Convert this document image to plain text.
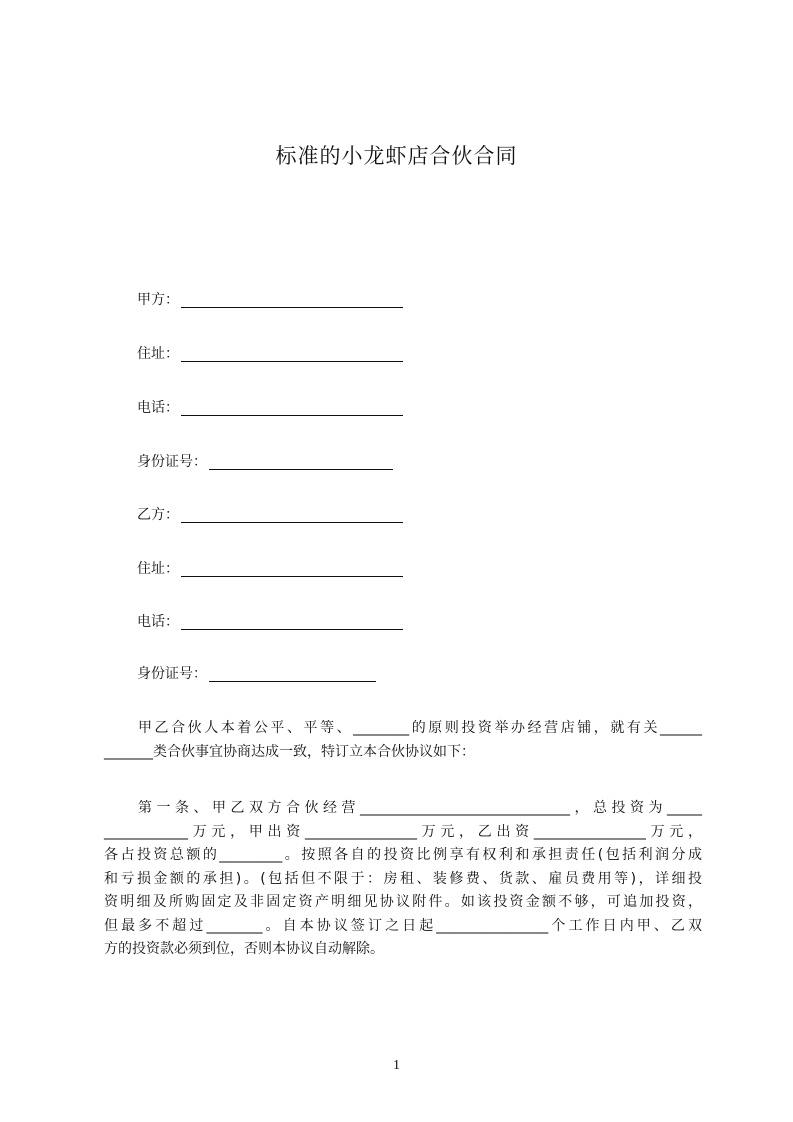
标准的小龙虾店合伙合同
甲方：
住址：
电话：
身份证号：
乙方：
住址：
电话：
身份证号：
甲乙合伙人本着公平、平等、________的原则投资举办经营店铺，就有关______
_______类合伙事宜协商达成一致，特订立本合伙协议如下：
第一条、甲乙双方合伙经营______________________________，总投资为_____
____________万元，甲出资________________万元，乙出资________________万元，
各占投资总额的_________。按照各自的投资比例享有权利和承担责任(包括利润分成
和亏损金额的承担)。(包括但不限于：房租、装修费、货款、雇员费用等)，详细投
资明细及所购固定及非固定资产明细见协议附件。如该投资金额不够，可追加投资，
但最多不超过________。自本协议签订之日起________________个工作日内甲、乙双
方的投资款必须到位，否则本协议自动解除。
1
